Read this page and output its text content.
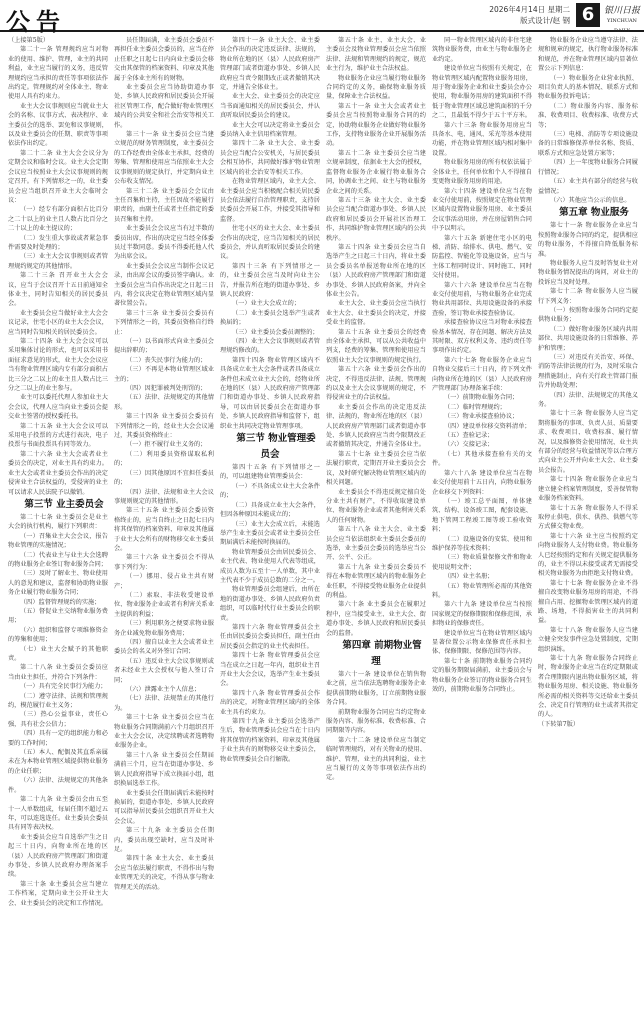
公告	2026年4月14日 星期二
版式设计/赵 钢 6	银川日报
YINCHUAN DAILY

（上接第5版）

第二十一条 管理规约应当对物业的使用、维护、管理，业主的共同利益，业主应当履行的义务，违反管理规约应当承担的责任等事项依法作出约定。管理规约对全体业主、物业使用人具有约束力。

业主大会议事规则应当就业主大会的名称、议事方式、表决程序、业主委员会的选举、罢免和议事规则，以及业主委员会的任期、职责等事项依法作出约定。

第二十二条 业主大会会议分为定期会议和临时会议。业主大会定期会议应当按照业主大会议事规则的规定召开。有下列情形之一的，业主委员会应当组织召开业主大会临时会议：

（一）经专有部分面积占比百分之二十以上的业主且人数占比百分之二十以上的业主提议的；

（二）发生重大事故或者紧急事件需要及时处理的；

（三）业主大会议事规则或者管理规约规定的其他情形。

第二十三条 召开业主大会会议，应当于会议召开十五日前通知全体业主，同时告知相关的居民委员会。

业主委员会应当做好业主大会会议记录，住宅小区的业主大会会议，应当同时告知相关的居民委员会。

第二十四条 业主大会会议可以采用集体讨论的形式，也可以采用书面征求意见的形式，业主大会会议应当有物业管理区域内专有部分面积占比三分之二以上的业主且人数占比三分之二以上的业主参与。

业主可以委托代理人参加业主大会会议，代理人应当向业主委员会提交业主签署的授权委托书。

第二十五条 业主大会会议可以采用电子投票的方式进行表决，电子投票与书面投票具有同等效力。

第二十六条 业主大会或者业主委员会的决定，对业主具有约束力。业主大会或者业主委员会作出的决定侵害业主合法权益的，受侵害的业主可以请求人民法院予以撤销。

第三节 业主委员会

第二十七条 业主委员会是业主大会的执行机构，履行下列职责：

（一）召集业主大会会议，报告物业管理的实施情况；

（二）代表业主与业主大会选聘的物业服务企业签订物业服务合同；

（三）及时了解业主、物业使用人的意见和建议，监督和协助物业服务企业履行物业服务合同；

（四）监督管理规约的实施；

（五）督促业主交纳物业服务费用；

（六）组织和监督专项维修资金的筹集和使用；

（七）业主大会赋予的其他职责。

第二十八条 业主委员会委员应当由业主担任，并符合下列条件：

（一）具有完全民事行为能力；

（二）遵守法律、法规和管理规约，模范履行业主义务；

（三）热心公益事业，责任心强，具有社会公信力；

（四）具有一定的组织能力和必要的工作时间；

（五）本人、配偶及其直系亲属未在为本物业管理区域提供物业服务的企业任职；

（六）法律、法规规定的其他条件。

第二十九条 业主委员会由五至十一人单数组成，每届任期不超过五年，可以连选连任。业主委员会委员具有同等表决权。

业主委员会应当自选举产生之日起三十日内，向物业所在地的区（县）人民政府房产管理部门和街道办事处、乡镇人民政府办理备案手续。

第三十条 业主委员会应当建立工作档案，定期向业主公开业主大会、业主委员会的决定和工作情况。

员任期届满，业主委员会委员不再担任业主委员会委员的，应当在停止任职之日起七日内向业主委员会移交由其保管的档案资料、印章及其他属于全体业主所有的财物。

业主委员会应当协助街道办事处、乡镇人民政府和居民委员会开展社区管理工作，配合做好物业管理区域内的公共安全和社会治安等相关工作。

第三十一条 业主委员会应当建立规范的财务管理制度，业主委员会的工作经费由全体业主承担，经费的筹集、管理和使用应当依照业主大会议事规则的规定执行，并定期向业主公布收支情况。

第三十二条 业主委员会会议由主任召集和主持，主任因故不能履行职责的，由副主任或者主任指定的委员召集和主持。

业主委员会会议应当有过半数的委员出席，作出的决定应当经全体委员过半数同意。委员不得委托他人代为出席会议。

业主委员会会议应当制作会议记录，由出席会议的委员签字确认。业主委员会应当自作出决定之日起三日内，将会议决定在物业管理区域内显著位置公告。

第三十三条 业主委员会委员有下列情形之一的，其委员资格自行终止：

（一）以书面形式向业主委员会提出辞职的；

（二）丧失民事行为能力的；

（三）不再是本物业管理区域业主的；

（四）因犯罪被判处刑罚的；

（五）法律、法规规定的其他情形。

第三十四条 业主委员会委员有下列情形之一的，经业主大会会议通过，其委员资格终止：

（一）拒不履行业主义务的；

（二）利用委员资格谋取私利的；

（三）因其他原因不宜担任委员的；

（四）法律、法规和业主大会议事规则规定的其他情形。

第三十五条 业主委员会委员资格终止的，应当自终止之日起七日内将其保管的档案资料、印章及其他属于业主大会所有的财物移交业主委员会。

第三十六条 业主委员会不得从事下列行为：

（一）挪用、侵占业主共有财产；

（二）索取、非法收受建设单位、物业服务企业或者有利害关系业主提供的利益；

（三）利用职务之便要求物业服务企业减免物业服务费用；

（四）擅自以业主大会或者业主委员会的名义对外签订合同；

（五）违反业主大会议事规则或者未经业主大会授权与他人签订合同；

（六）泄露业主个人信息；

（七）法律、法规禁止的其他行为。

第三十七条 业主委员会应当在物业服务合同期满前六个月组织召开业主大会会议，决定续聘或者选聘物业服务企业。

第三十八条 业主委员会任期届满前三个月，应当在街道办事处、乡镇人民政府指导下成立换届小组，组织换届选举工作。

业主委员会任期届满后未能按时换届的，街道办事处、乡镇人民政府可以指导居民委员会组织召开业主大会会议。

第三十九条 业主委员会任期内，委员出现空缺时，应当及时补足。

第四十条 业主大会、业主委员会应当依法履行职责，不得作出与物业管理无关的决定，不得从事与物业管理无关的活动。

第四十一条 业主大会、业主委员会作出的决定违反法律、法规的，物业所在地的区（县）人民政府房产管理部门或者街道办事处、乡镇人民政府应当责令限期改正或者撤销其决定，并通告全体业主。

业主大会、业主委员会的决定应当书面通知相关的居民委员会，并认真听取居民委员会的建议。

业主大会可以决定将业主委员会委员纳入业主信用档案管理。

第四十二条 业主大会、业主委员会应当配合公安机关，与居民委员会相互协作，共同做好维护物业管理区域内的社会治安等相关工作。

在物业管理区域内，业主大会、业主委员会应当积极配合相关居民委员会依法履行自治管理职责，支持居民委员会开展工作，并接受其指导和监督。

住宅小区的业主大会、业主委员会作出的决定，应当告知相关的居民委员会，并认真听取居民委员会的建议。

第四十三条 有下列情形之一的，业主委员会应当及时向业主公告，并报告所在地的街道办事处、乡镇人民政府：

（一）业主大会成立的；

（二）业主委员会选举产生或者换届的；

（三）业主委员会委员调整的；

（四）业主大会议事规则或者管理规约修改的。

第四十四条 物业管理区域内不具备成立业主大会条件或者具备成立条件但未成立业主大会的，经物业所在地的区（县）人民政府房产管理部门和街道办事处、乡镇人民政府指导，可以由居民委员会在街道办事处、乡镇人民政府指导和监督下，组织业主共同决定物业管理事项。

第三节 物业管理委员会

第四十五条 有下列情形之一的，可以组建物业管理委员会：

（一）不具备成立业主大会条件的；

（二）具备成立业主大会条件，但因各种原因未能成立的；

（三）业主大会成立后，未能选举产生业主委员会或者业主委员会任期届满后未能按时换届的。

物业管理委员会由居民委员会、业主代表、物业使用人代表等组成，成员人数为五至十一人单数，其中业主代表不少于成员总数的二分之一。

物业管理委员会组建后，由所在地的街道办事处、乡镇人民政府负责组织，可以临时代行业主委员会的职责。

第四十六条 物业管理委员会主任由居民委员会委员担任，副主任由居民委员会指定的业主代表担任。

第四十七条 物业管理委员会应当在成立之日起一年内，组织业主召开业主大会会议，选举产生业主委员会。

第四十八条 物业管理委员会作出的决定，对物业管理区域内的全体业主具有约束力。

第四十九条 业主委员会选举产生后，物业管理委员会应当在十日内将其保管的档案资料、印章及其他属于业主共有的财物移交业主委员会，物业管理委员会自行解散。

第五十条 业主、业主大会、业主委员会及物业管理委员会应当依照法律、法规和管理规约的规定，规范业主行为，维护业主合法权益。

物业服务企业应当履行物业服务合同约定的义务，确保物业服务质量，保障业主合法权益。

第五十一条 业主大会或者业主委员会应当按照物业服务合同的约定，协助物业服务企业做好物业服务工作，支持物业服务企业开展服务活动。

第五十二条 业主委员会应当建立规章制度，依据业主大会的授权，监督物业服务企业履行物业服务合同，协调业主之间、业主与物业服务企业之间的关系。

第五十三条 业主大会、业主委员会应当配合街道办事处、乡镇人民政府和居民委员会开展社区治理工作，共同维护物业管理区域内的公共秩序。

第五十四条 业主委员会应当自选举产生之日起三十日内，将业主委员会委员名单报送物业所在地的区（县）人民政府房产管理部门和街道办事处、乡镇人民政府备案，并向全体业主公告。

业主大会、业主委员会应当执行业主大会、业主委员会的决定，并接受业主的监督。

第五十五条 业主委员会的经费由全体业主承担，可以从公共收益中列支，经费的筹集、管理和使用应当依照业主大会议事规则的规定执行。

第五十六条 业主委员会作出的决定，不得违反法律、法规、管理规约以及业主大会议事规则的规定，不得侵害业主的合法权益。

业主委员会作出的决定违反法律、法规的，物业所在地的区（县）人民政府房产管理部门或者街道办事处、乡镇人民政府应当责令限期改正或者撤销其决定，并通告全体业主。

第五十七条 业主委员会应当依法履行职责，定期召开业主委员会会议，及时研究解决物业管理区域内的相关问题。

业主委员会不得违反规定擅自处分业主共有财产，不得收取建设单位、物业服务企业或者其他利害关系人的任何财物。

第五十八条 业主大会、业主委员会应当依法组织业主委员会委员的选举，业主委员会委员的选举应当公开、公平、公正。

第五十九条 业主委员会委员不得在本物业管理区域内的物业服务企业任职，不得接受物业服务企业提供的利益。

第六十条 业主委员会在履职过程中，应当接受业主、业主大会、街道办事处、乡镇人民政府和居民委员会的监督。

第四章 前期物业管理

第六十一条 建设单位在销售物业之前，应当依法选聘物业服务企业提供前期物业服务，订立前期物业服务合同。

前期物业服务合同应当约定物业服务内容、服务标准、收费标准、合同期限等内容。

第六十二条 建设单位应当制定临时管理规约，对有关物业的使用、维护、管理，业主的共同利益，业主应当履行的义务等事项依法作出约定。

同一物业管理区域内的非住宅建筑物业服务费，由业主与物业服务企业约定。

建设单位应当按照有关规定，在物业管理区域内配置物业服务用房，用于物业服务企业和业主委员会办公使用，物业服务用房的建筑面积不得低于物业管理区域总建筑面积的千分之二，且最低不得少于五十平方米。

第六十三条 物业服务用房应当具备水、电、通风、采光等基本使用功能，并在物业管理区域内相对集中设置。

物业服务用房的所有权依法属于全体业主，任何单位和个人不得擅自变更物业服务用房的用途。

第六十四条 建设单位应当在物业交付使用前，按照规定在物业管理区域内设置物业服务用房、业主委员会议事活动用房，并在房屋销售合同中予以明示。

第六十五条 新建住宅小区的电梯、消防、给排水、供电、燃气、安防监控、智能化等设施设备，应当与主体工程同时设计、同时施工、同时交付使用。

第六十六条 建设单位应当在物业交付使用前，与物业服务企业完成物业共用部位、共用设施设备的承接查验，签订物业承接查验协议。

承接查验协议应当对物业承接查验基本情况、存在问题、解决方法及其时限、双方权利义务、违约责任等事项作出约定。

第六十七条 物业服务企业应当自物业交接后三十日内，持下列文件向物业所在地的区（县）人民政府房产管理部门办理备案手续：

（一）前期物业服务合同；

（二）临时管理规约；

（三）物业承接查验协议；

（四）建设单位移交资料清单；

（五）查验记录；

（六）交接记录；

（七）其他承接查验有关的文件。

第六十八条 建设单位应当在物业交付使用前十五日内，向物业服务企业移交下列资料：

（一）竣工总平面图，单体建筑、结构、设备竣工图，配套设施、地下管网工程竣工图等竣工验收资料；

（二）设施设备的安装、使用和维护保养等技术资料；

（三）物业质量保修文件和物业使用说明文件；

（四）业主名册；

（五）物业管理所必需的其他资料。

第六十九条 建设单位应当按照国家规定的保修期限和保修范围，承担物业的保修责任。

建设单位应当在物业管理区域内显著位置公示物业保修责任承担主体、保修期限、保修范围等内容。

第七十条 前期物业服务合同约定的服务期限届满前，业主委员会与物业服务企业签订的物业服务合同生效的，前期物业服务合同终止。

物业服务企业应当遵守法律、法规和规章的规定，执行物业服务标准和规范，并在物业管理区域内显著位置公示下列信息：

（一）物业服务企业营业执照、项目负责人的基本情况、联系方式和物业服务投诉电话；

（二）物业服务内容、服务标准、收费项目、收费标准、收费方式等；

（三）电梯、消防等专项设施设备的日常维修保养单位名称、资质、联系方式和应急处置方案等；

（四）上一年度物业服务合同履行情况；

（五）业主共有部分的经营与收益情况；

（六）其他应当公示的信息。

第五章 物业服务

第七十一条 物业服务企业应当按照物业服务合同的约定，提供相应的物业服务，不得擅自降低服务标准。

物业服务人应当及时答复业主对物业服务情况提出的询问，对业主的投诉应当及时处理。

第七十二条 物业服务人应当履行下列义务：

（一）按照物业服务合同约定提供物业服务；

（二）做好物业服务区域内共用部位、共用设施设备的日常维修、养护和管理；

（三）对违反有关治安、环保、消防等法律法规的行为，及时采取合理措施制止，向有关行政主管部门报告并协助处理；

（四）法律、法规规定的其他义务。

第七十三条 物业服务人应当定期将服务的事项、负责人员、质量要求、收费项目、收费标准、履行情况，以及维修资金使用情况、业主共有部分的经营与收益情况等以合理方式向业主公开并向业主大会、业主委员会报告。

第七十四条 物业服务企业应当建立健全档案管理制度，妥善保管物业服务档案资料。

第七十五条 物业服务人不得采取停止供电、供水、供热、供燃气等方式催交物业费。

第七十六条 业主应当按照约定向物业服务人支付物业费。物业服务人已经按照约定和有关规定提供服务的，业主不得以未接受或者无需接受相关物业服务为由拒绝支付物业费。

第七十七条 物业服务企业不得擅自改变物业服务用房的用途，不得擅自占用、挖掘物业管理区域内的道路、场地，不得损害业主的共同利益。

第七十八条 物业服务人应当建立健全突发事件应急处置制度，定期组织演练。

第七十九条 物业服务合同终止时，物业服务企业应当在约定期限或者合理期限内退出物业服务区域，将物业服务用房、相关设施、物业服务所必需的相关资料等交还给业主委员会、决定自行管理的业主或者其指定的人。

（下转第7版）
